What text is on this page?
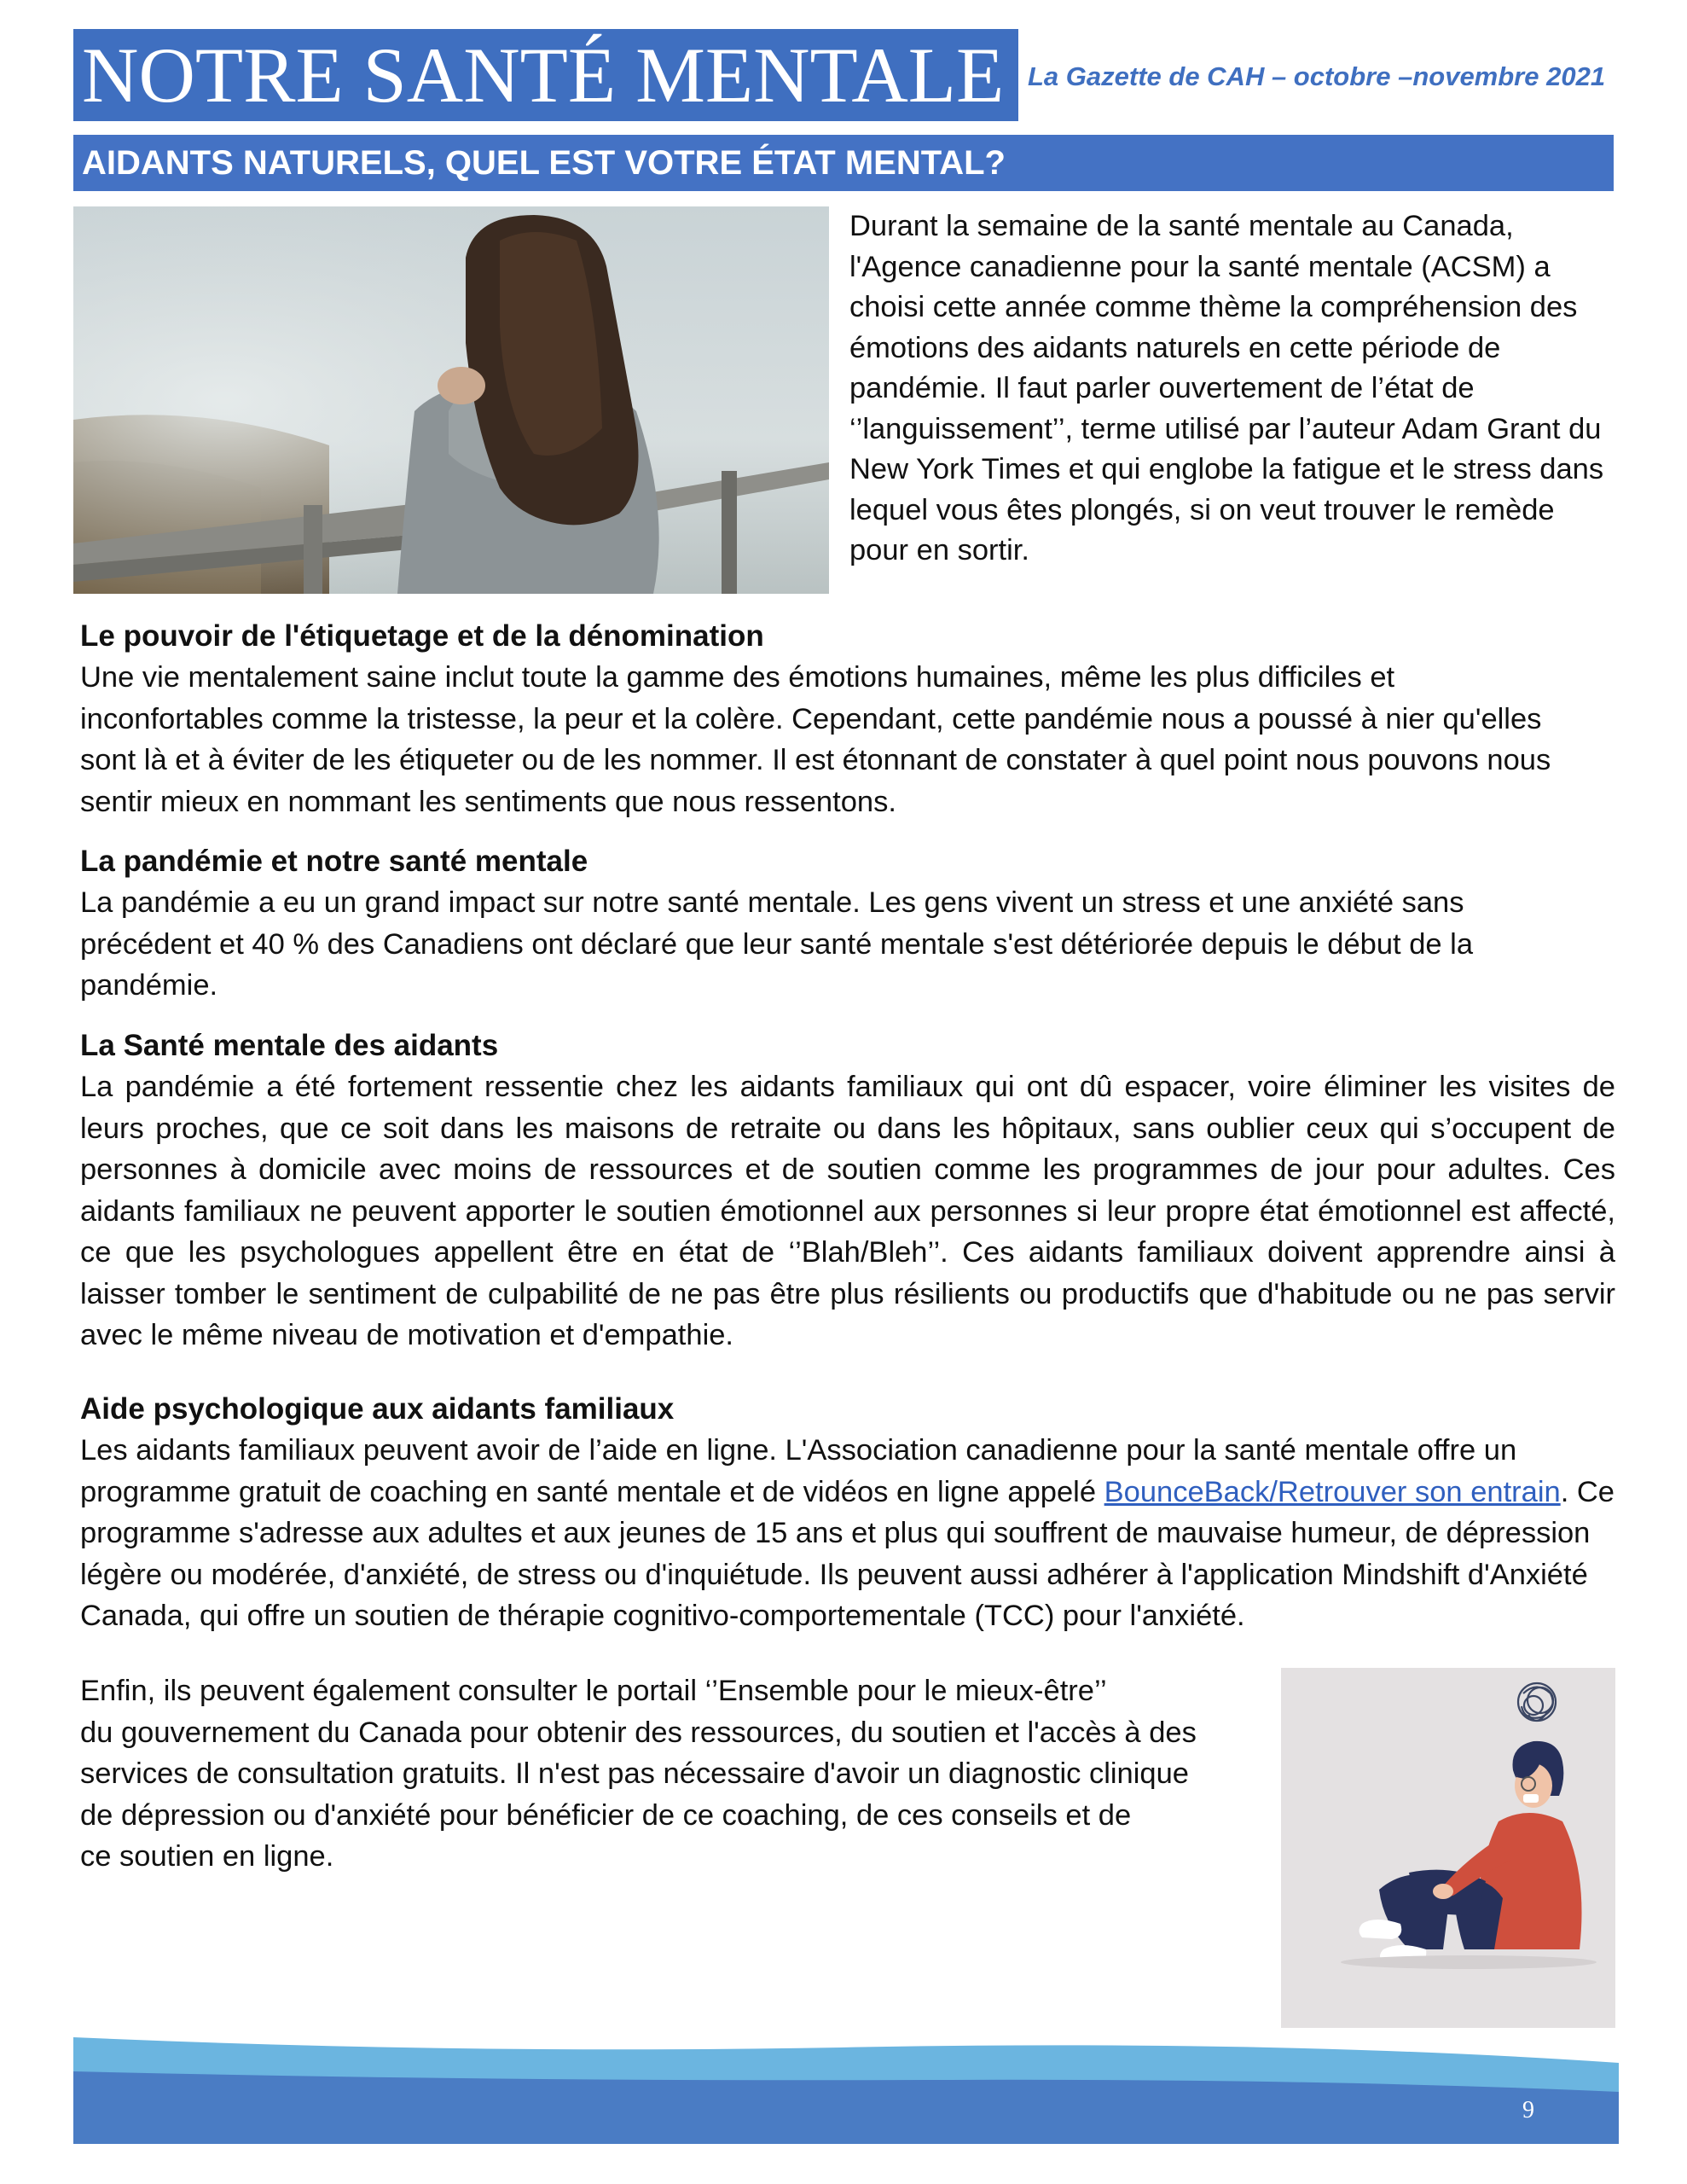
NOTRE SANTÉ MENTALE La Gazette de CAH – octobre –novembre 2021
AIDANTS NATURELS, QUEL EST VOTRE ÉTAT MENTAL?

Durant la semaine de la santé mentale au Canada, l'Agence canadienne pour la santé mentale (ACSM) a choisi cette année comme thème la compréhension des émotions des aidants naturels en cette période de pandémie. Il faut parler ouvertement de l’état de ‘’languissement’’, terme utilisé par l’auteur Adam Grant du New York Times et qui englobe la fatigue et le stress dans lequel vous êtes plongés, si on veut trouver le remède pour en sortir.

Le pouvoir de l'étiquetage et de la dénomination

Une vie mentalement saine inclut toute la gamme des émotions humaines, même les plus difficiles et inconfortables comme la tristesse, la peur et la colère. Cependant, cette pandémie nous a poussé à nier qu'elles sont là et à éviter de les étiqueter ou de les nommer. Il est étonnant de constater à quel point nous pouvons nous sentir mieux en nommant les sentiments que nous ressentons.

La pandémie et notre santé mentale

La pandémie a eu un grand impact sur notre santé mentale. Les gens vivent un stress et une anxiété sans précédent et 40 % des Canadiens ont déclaré que leur santé mentale s'est détériorée depuis le début de la pandémie.

La Santé mentale des aidants

La pandémie a été fortement ressentie chez les aidants familiaux qui ont dû espacer, voire éliminer les visites de leurs proches, que ce soit dans les maisons de retraite ou dans les hôpitaux, sans oublier ceux qui s’occupent de personnes à domicile avec moins de ressources et de soutien comme les programmes de jour pour adultes. Ces aidants familiaux ne peuvent apporter le soutien émotionnel aux personnes si leur propre état émotionnel est affecté, ce que les psychologues appellent être en état de ‘’Blah/Bleh’’. Ces aidants familiaux doivent apprendre ainsi à laisser tomber le sentiment de culpabilité de ne pas être plus résilients ou productifs que d'habitude ou ne pas servir avec le même niveau de motivation et d'empathie.

Aide psychologique aux aidants familiaux

Les aidants familiaux peuvent avoir de l’aide en ligne. L'Association canadienne pour la santé mentale offre un programme gratuit de coaching en santé mentale et de vidéos en ligne appelé BounceBack/Retrouver son entrain. Ce programme s'adresse aux adultes et aux jeunes de 15 ans et plus qui souffrent de mauvaise humeur, de dépression légère ou modérée, d'anxiété, de stress ou d'inquiétude. Ils peuvent aussi adhérer à l'application Mindshift d'Anxiété Canada, qui offre un soutien de thérapie cognitivo-comportementale (TCC) pour l'anxiété.

Enfin, ils peuvent également consulter le portail ‘’Ensemble pour le mieux-être’’

du gouvernement du Canada pour obtenir des ressources, du soutien et l'accès à des

services de consultation gratuits. Il n'est pas nécessaire d'avoir un diagnostic clinique

de dépression ou d'anxiété pour bénéficier de ce coaching, de ces conseils et de

ce soutien en ligne.

9
